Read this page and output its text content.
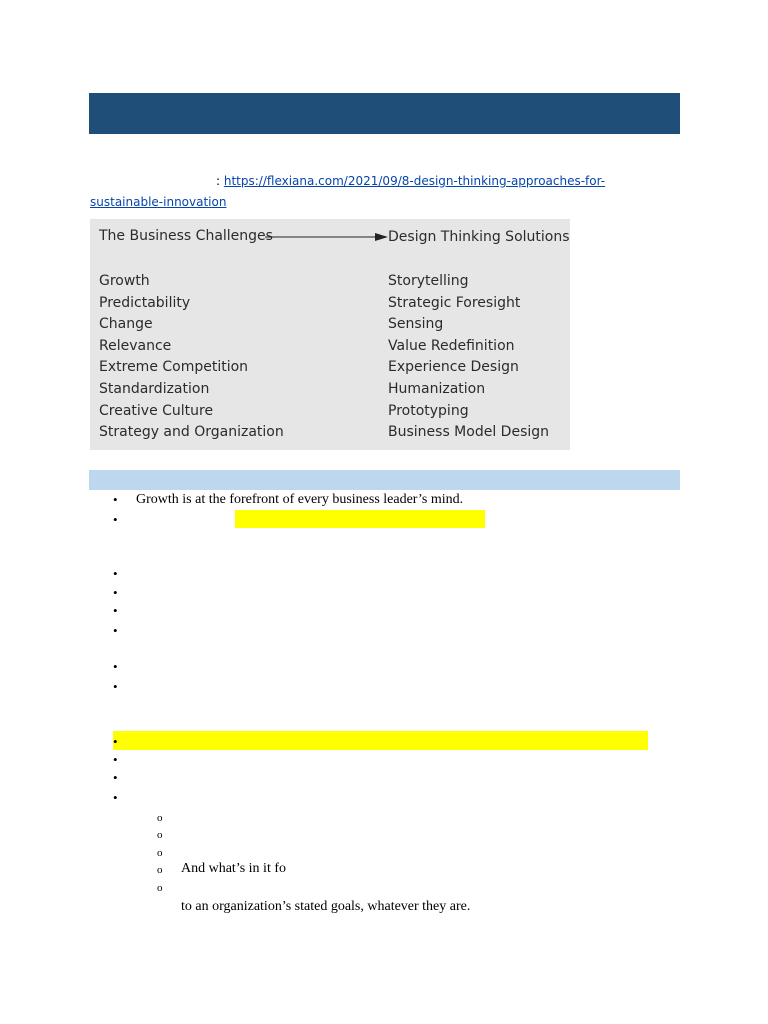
: https://flexiana.com/2021/09/8-design-thinking-approaches-for-sustainable-innovation
The Business Challenges	Design Thinking Solutions
Growth
Predictability
Change
Relevance
Extreme Competition
Standardization
Creative Culture
Strategy and Organization
Storytelling
Strategic Foresight
Sensing
Value Redefinition
Experience Design
Humanization
Prototyping
Business Model Design
• Growth is at the forefront of every business leader’s mind.
•
•
•
•
•
•
•
•
•
•
•
o
o
o
o And what’s in it fo
o
to an organization’s stated goals, whatever they are.
